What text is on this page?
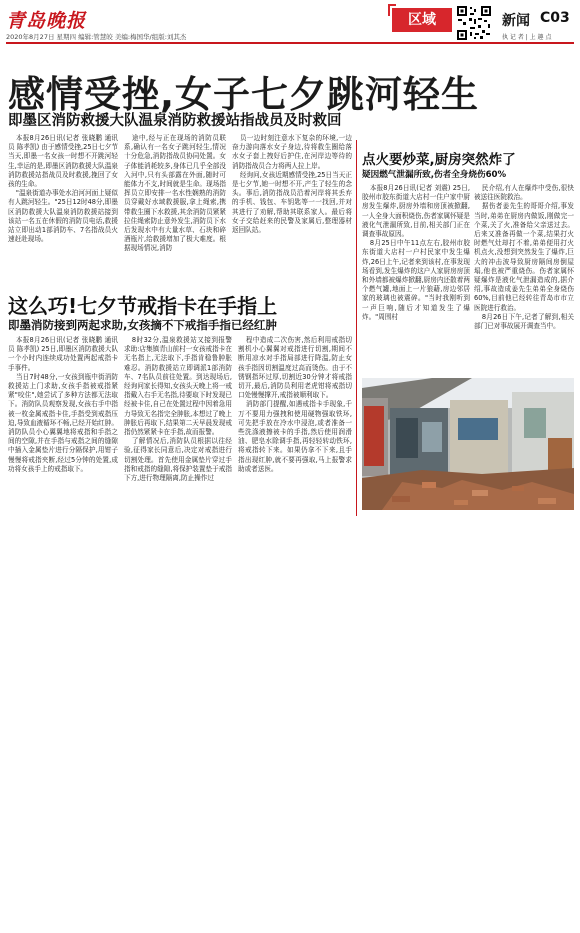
青岛晚报
2020年8月27日 星期四 编辑:管慧皎 美编:梅国华/组版:刘其杰
区域	新闻 C03
执 记 者 | 上 趣 点
感情受挫,女子七夕跳河轻生
即墨区消防救援大队温泉消防救援站指战员及时救回

本报8月26日讯(记者 张晓鹏 通讯员 陈孝凯) 由于感情受挫,25日七夕节当天,即墨一名女孩一时想不开跳河轻生,幸运的是,即墨区消防救援大队温泉消防救援站指战员及时救援,挽回了女孩的生命。

"温泉街道办事处水泊河河面上疑似有人跳河轻生。"25日12时48分,即墨区消防救援大队温泉消防救援站接到该站一名五在休假的消防员电话,救援站立即出动1部消防车、7名指战员火速赶赴现场。

途中,经与正在现场的消防员联系,确认有一名女子跳河轻生,情况十分危急,消防指战员协同处置。女子体能消耗较多,身体已几乎全部没入河中,只有头部露在外面,随时可能体力不支,时间就是生命。现场指挥员立即安排一名水性娴熟的消防员穿戴好水域救援服,拿上绳索,携带救生圈下水救援,其余消防员紧紧拉住绳索防止意外发生,消防员下水后发现水中有大量水草、石块和碎酒瓶片,给救援增加了极大难度。根据现场情况,消防

员一边时刻注意水下复杂的环境,一边奋力游向落水女子身边,待将救生圈给落水女子套上拽好后护住,在河岸边等待的消防指战员合力将两人拉上岸。

经询问,女孩近期感情受挫,25日当天正是七夕节,她一时想不开,产生了轻生的念头。事后,消防指战员沿着河岸将其丢弃的手机、钱包、车钥匙等一一找回,并对其进行了劝解,帮助其联系家人。最后将女子交给赶来的民警及家属后,整理器材返回队站。

这么巧!七夕节戒指卡在手指上
即墨消防接到两起求助,女孩摘不下戒指手指已经红肿

本报8月26日讯(记者 张晓鹏 通讯员 陈孝凯) 25日,即墨区消防救援大队一个小时内连续成功处置两起戒指卡手事件。

当日7时48分,一女孩到瓶中街消防救援站上门求助,女孩手指被戒指紧紧"咬住",她尝试了多种方法都无法取下。消防队员观察发现,女孩右手中指被一枚金属戒指卡住,手指受到戒指压迫,导致血液循环不畅,已经开始红肿。消防队员小心翼翼地将戒指和手指之间的空隙,并在手指与戒指之间的缝隙中插入金属垫片进行分隔保护,用钳子慢慢将戒指夹断,经过5分钟的处置,成功将女孩手上的戒指取下。

8时32分,温泉救援站又接到报警求助:店集镇青山前村一女孩戒指卡在无名指上,无法取下,手指肯稳鲁肿胀难忍。消防救援站立即调派1部消防车、7名队员前往处置。到达现场后,经询问家长得知,女孩头天晚上将一戒指戴入右手无名指,待要取下时发现已经被卡住,自己在处置过程中因着急用力导致无名指完全肿胀,本想过了晚上肿胀后再取下,结果第二天早晨发现戒指仍然紧紧卡在手指,故而报警。

了解情况后,消防队员根据以往经验,征得家长同意后,决定对戒指进行切割处理。首先使用金属垫片穿过手指和戒指的缝隙,将保护装置垫于戒指下方,进行物理隔离,防止操作过

程中造成二次伤害,然后利用戒指切割机小心翼翼对戒指进行切割,期间不断用凉水对手指局部进行降温,防止女孩手指因切割温度过高而烫伤。由于不锈钢指环过厚,切割近30分钟才将戒指切开,最后,消防员利用老虎钳将戒指切口处慢慢撑开,戒指被顺利取下。

消防部门提醒,如遇戒指卡手现象,千万不要用力强拽和使用硬物强取铁环,可先把手放在冷水中浸泡,或者准备一些洗涤液擦被卡的手指,然后使用润滑油、肥皂水除调手指,再轻轻转动铁环,将戒指转下来。如果仍拿不下来,且手指出现红肿,就不要再强取,马上报警求助或者送医。

点火要炒菜,厨房突然炸了
疑因燃气泄漏所致,伤者全身烧伤60%

本报8月26日讯(记者 刘震) 25日,胶州市胶东街道大店村一住户家中厨房发生爆炸,厨房外墙和房顶被掀翻,一人全身大面积烧伤,伤者家属怀疑是液化气泄漏所致,目前,相关部门正在调查事故原因。

8月25日中午11点左右,胶州市胶东街道大店村一户村民家中发生爆炸,26日上午,记者来到该村,在事发现场看到,发生爆炸的这户人家厨房房顶和外墙都被爆炸掀翻,厨房内还散着两个燃气罐,地面上一片狼藉,房边邻居家的玻璃也被震碎。"当时我刚听到一声巨响,随后才知道发生了爆炸。"周围村

民介绍,有人在爆炸中受伤,很快被送往医院救治。

据伤者姜先生的哥哥介绍,事发当时,弟弟在厨房内做饭,刚做完一个菜,关了火,准备给父亲送过去。后来又准备再做一个菜,结果打火时燃气灶却打不着,弟弟便用打火机点火,没想到突然发生了爆炸,巨大的冲击波导致厨房隔间房倒屋塌,他也被严重烧伤。伤者家属怀疑爆炸是液化气泄漏造成的,据介绍,事故造成姜先生弟弟全身烧伤60%,目前他已经转往青岛市市立医院进行救治。

8月26日下午,记者了解到,相关部门已对事故展开调查当中。
